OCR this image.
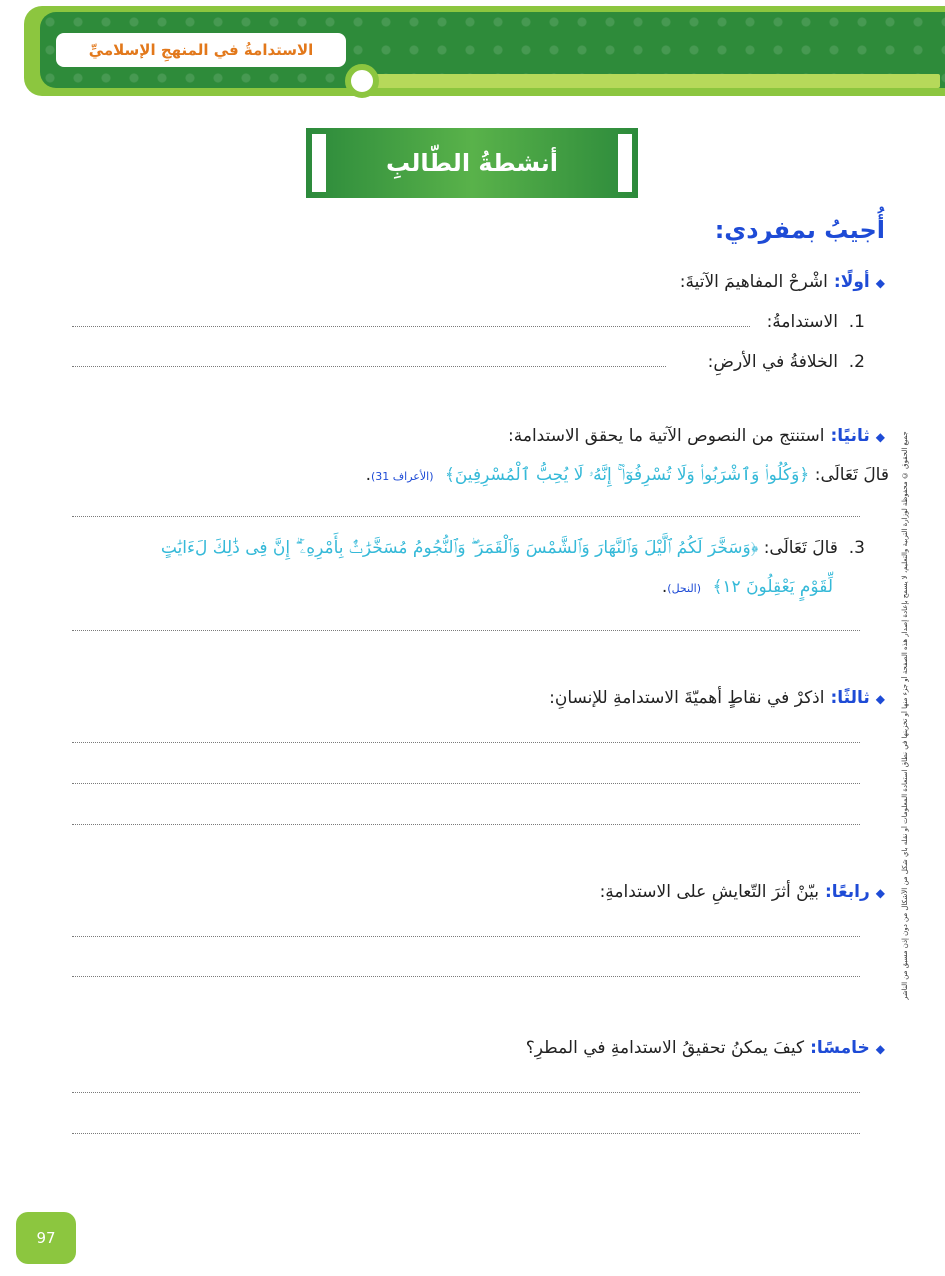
الاستدامةُ في المنهجِ الإسلاميِّ
أنشطةُ الطّالبِ
أُجيبُ بمفردي:
◆أولًا:اشْرحْ المفاهيمَ الآتيةَ:
1.  الاستدامةُ:
2.  الخلافةُ في الأرضِ:
◆ثانيًا:استنتج من النصوص الآتية ما يحقق الاستدامة:
قالَ تَعَالَى: ﴿وَكُلُوا۟ وَٱشْرَبُوا۟ وَلَا تُسْرِفُوٓا۟ ۚ إِنَّهُۥ لَا يُحِبُّ ٱلْمُسْرِفِينَ﴾ (الأعراف 31).
3.  قالَ تَعَالَى: ﴿وَسَخَّرَ لَكُمُ ٱلَّيْلَ وَٱلنَّهَارَ وَٱلشَّمْسَ وَٱلْقَمَرَ ۖ وَٱلنُّجُومُ مُسَخَّرَٰتٌۢ بِأَمْرِهِۦٓ ۗ إِنَّ فِى ذَٰلِكَ لَءَايَٰتٍ
لِّقَوْمٍ يَعْقِلُونَ ١٢﴾ (النحل).
◆ثالثًا:اذكرْ في نقاطٍ أهميّةَ الاستدامةِ للإنسانِ:
◆رابعًا:بيّنْ أثرَ التّعايشِ على الاستدامةِ:
◆خامسًا:كيفَ يمكنُ تحقيقُ الاستدامةِ في المطرِ؟
جميع الحقوق © محفوظة لوزارة التربية والتعليم، لا يسمح بإعادة إصدار هذه الصفحة أو جزء منها أو تخزينها في نطاق استعادة المعلومات أو نقله بأي شكل من الأشكال من دون إذن مسبق من الناشر
97
